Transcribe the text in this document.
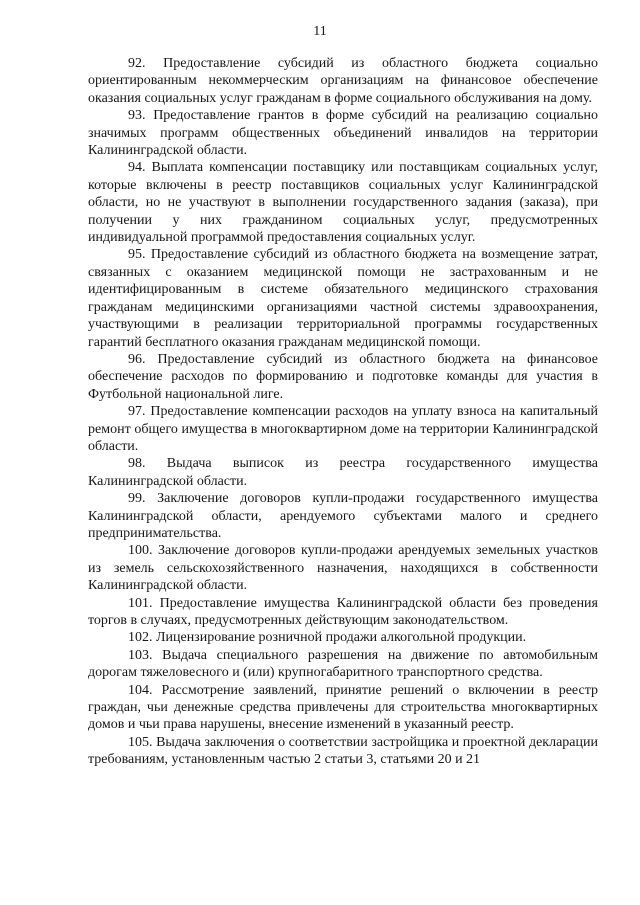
11

92. Предоставление субсидий из областного бюджета социально ориентированным некоммерческим организациям на финансовое обеспечение оказания социальных услуг гражданам в форме социального обслуживания на дому.

93. Предоставление грантов в форме субсидий на реализацию социально значимых программ общественных объединений инвалидов на территории Калининградской области.

94. Выплата компенсации поставщику или поставщикам социальных услуг, которые включены в реестр поставщиков социальных услуг Калининградской области, но не участвуют в выполнении государственного задания (заказа), при получении у них гражданином социальных услуг, предусмотренных индивидуальной программой предоставления социальных услуг.

95. Предоставление субсидий из областного бюджета на возмещение затрат, связанных с оказанием медицинской помощи не застрахованным и не идентифицированным в системе обязательного медицинского страхования гражданам медицинскими организациями частной системы здравоохранения, участвующими в реализации территориальной программы государственных гарантий бесплатного оказания гражданам медицинской помощи.

96. Предоставление субсидий из областного бюджета на финансовое обеспечение расходов по формированию и подготовке команды для участия в Футбольной национальной лиге.

97. Предоставление компенсации расходов на уплату взноса на капитальный ремонт общего имущества в многоквартирном доме на территории Калининградской области.

98. Выдача выписок из реестра государственного имущества Калининградской области.

99. Заключение договоров купли-продажи государственного имущества Калининградской области, арендуемого субъектами малого и среднего предпринимательства.

100. Заключение договоров купли-продажи арендуемых земельных участков из земель сельскохозяйственного назначения, находящихся в собственности Калининградской области.

101. Предоставление имущества Калининградской области без проведения торгов в случаях, предусмотренных действующим законодательством.

102. Лицензирование розничной продажи алкогольной продукции.

103. Выдача специального разрешения на движение по автомобильным дорогам тяжеловесного и (или) крупногабаритного транспортного средства.

104. Рассмотрение заявлений, принятие решений о включении в реестр граждан, чьи денежные средства привлечены для строительства многоквартирных домов и чьи права нарушены, внесение изменений в указанный реестр.

105. Выдача заключения о соответствии застройщика и проектной декларации требованиям, установленным частью 2 статьи 3, статьями 20 и 21
